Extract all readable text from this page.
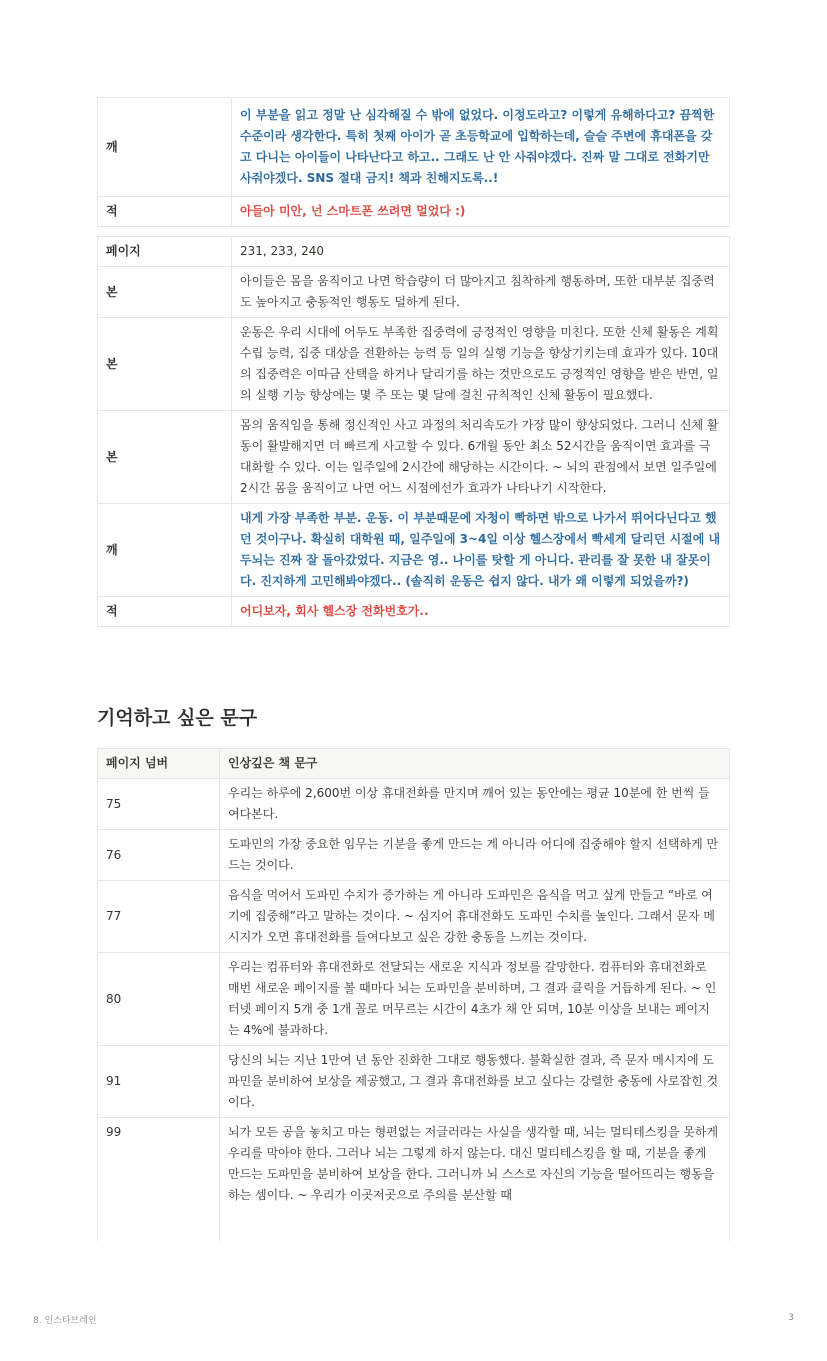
깨	이 부분을 읽고 정말 난 심각해질 수 밖에 없었다. 이정도라고? 이렇게 유해하다고? 끔찍한 수준이라 생각한다. 특히 첫째 아이가 곧 초등학교에 입학하는데, 슬슬 주변에 휴대폰을 갖고 다니는 아이들이 나타난다고 하고.. 그래도 난 안 사줘야겠다. 진짜 말 그대로 전화기만 사줘야겠다. SNS 절대 금지! 책과 친해지도록..!
적	아들아 미안, 넌 스마트폰 쓰려면 멀었다 :)
페이지	231, 233, 240
본	아이들은 몸을 움직이고 나면 학습량이 더 많아지고 침착하게 행동하며, 또한 대부분 집중력도 높아지고 충동적인 행동도 덜하게 된다.
본	운동은 우리 시대에 어두도 부족한 집중력에 긍정적인 영향을 미친다. 또한 신체 활동은 계획 수립 능력, 집중 대상을 전환하는 능력 등 일의 실행 기능을 향상기키는데 효과가 있다. 10대의 집중력은 이따금 산택을 하거나 달리기를 하는 것만으로도 긍정적인 영향을 받은 반면, 일의 실행 기능 향상에는 몇 주 또는 몇 달에 걸친 규칙적인 신체 활동이 필요했다.
본	몸의 움직임을 통해 정신적인 사고 과정의 처리속도가 가장 많이 향상되었다. 그러니 신체 활동이 활발해지면 더 빠르게 사고할 수 있다. 6개월 동안 최소 52시간을 움직이면 효과를 극대화할 수 있다. 이는 일주일에 2시간에 해당하는 시간이다. ~ 뇌의 관점에서 보면 일주일에 2시간 몸을 움직이고 나면 어느 시점에선가 효과가 나타나기 시작한다.
깨	내게 가장 부족한 부분. 운동. 이 부분때문에 자청이 빡하면 밖으로 나가서 뛰어다닌다고 했던 것이구나. 확실히 대학원 때, 일주일에 3~4일 이상 헬스장에서 빡세게 달리던 시절에 내 두뇌는 진짜 잘 돌아갔었다. 지금은 영.. 나이를 탓할 게 아니다. 관리를 잘 못한 내 잘못이다. 진지하게 고민해봐야겠다.. (솔직히 운동은 쉽지 않다. 내가 왜 이렇게 되었을까?)
적	어디보자, 회사 헬스장 전화번호가..
기억하고 싶은 문구
페이지 넘버	인상깊은 책 문구
75	우리는 하루에 2,600번 이상 휴대전화를 만지며 깨어 있는 동안에는 평균 10분에 한 번씩 들여다본다.
76	도파민의 가장 중요한 임무는 기분을 좋게 만드는 게 아니라 어디에 집중해야 할지 선택하게 만드는 것이다.
77	음식을 먹어서 도파민 수치가 증가하는 게 아니라 도파민은 음식을 먹고 싶게 만들고 “바로 여기에 집중해”라고 말하는 것이다. ~ 심지어 휴대전화도 도파민 수치를 높인다. 그래서 문자 메시지가 오면 휴대전화를 들여다보고 싶은 강한 충동을 느끼는 것이다.
80	우리는 컴퓨터와 휴대전화로 전달되는 새로운 지식과 정보를 갈망한다. 컴퓨터와 휴대전화로 매번 새로운 페이지를 볼 때마다 뇌는 도파민을 분비하며, 그 결과 클릭을 거듭하게 된다. ~ 인터넷 페이지 5개 중 1개 꼴로 머무르는 시간이 4초가 채 안 되며, 10분 이상을 보내는 페이지는 4%에 불과하다.
91	당신의 뇌는 지난 1만여 년 동안 진화한 그대로 행동했다. 불확실한 결과, 즉 문자 메시지에 도파민을 분비하여 보상을 제공했고, 그 결과 휴대전화를 보고 싶다는 강렬한 충동에 사로잡힌 것이다.
99	뇌가 모든 공을 놓치고 마는 형편없는 저글러라는 사실을 생각할 때, 뇌는 멀티테스킹을 못하게 우리를 막아야 한다. 그러나 뇌는 그렇게 하지 않는다. 대신 멀티테스킹을 할 때, 기분을 좋게 만드는 도파민을 분비하여 보상을 한다. 그러니까 뇌 스스로 자신의 기능을 떨어뜨리는 행동을 하는 셈이다. ~ 우리가 이곳저곳으로 주의를 분산할 때
8. 인스타브레인	3
